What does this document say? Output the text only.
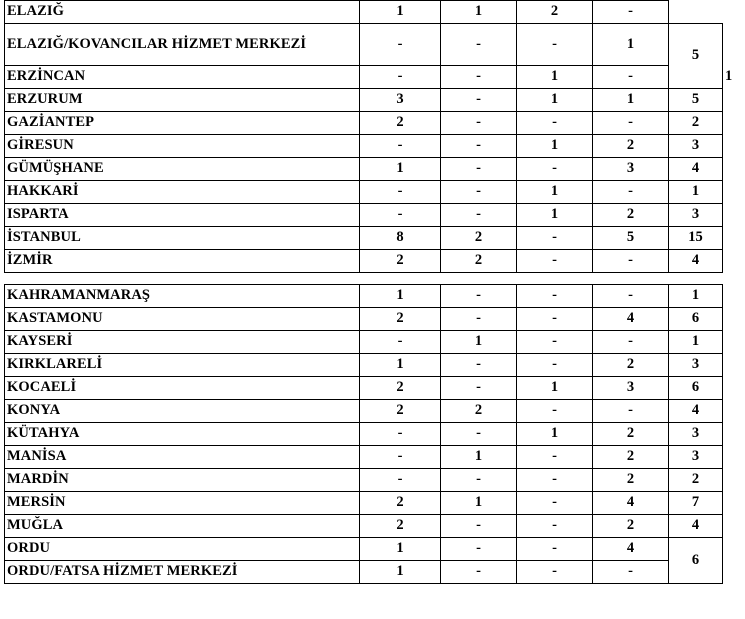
ELAZIĞ	1	1	2	-		
ELAZIĞ/KOVANCILAR HİZMET MERKEZİ	-	-	-	1	5	
ERZİNCAN	-	-	1	-		1
ERZURUM	3	-	1	1	5	
GAZİANTEP	2	-	-	-	2	
GİRESUN	-	-	1	2	3	
GÜMÜŞHANE	1	-	-	3	4	
HAKKARİ	-	-	1	-	1	
ISPARTA	-	-	1	2	3	
İSTANBUL	8	2	-	5	15	
İZMİR	2	2	-	-	4	
KAHRAMANMARAŞ	1	-	-	-	1
KASTAMONU	2	-	-	4	6
KAYSERİ	-	1	-	-	1
KIRKLARELİ	1	-	-	2	3
KOCAELİ	2	-	1	3	6
KONYA	2	2	-	-	4
KÜTAHYA	-	-	1	2	3
MANİSA	-	1	-	2	3
MARDİN	-	-	-	2	2
MERSİN	2	1	-	4	7
MUĞLA	2	-	-	2	4
ORDU	1	-	-	4	6
ORDU/FATSA HİZMET MERKEZİ	1	-	-	-	
